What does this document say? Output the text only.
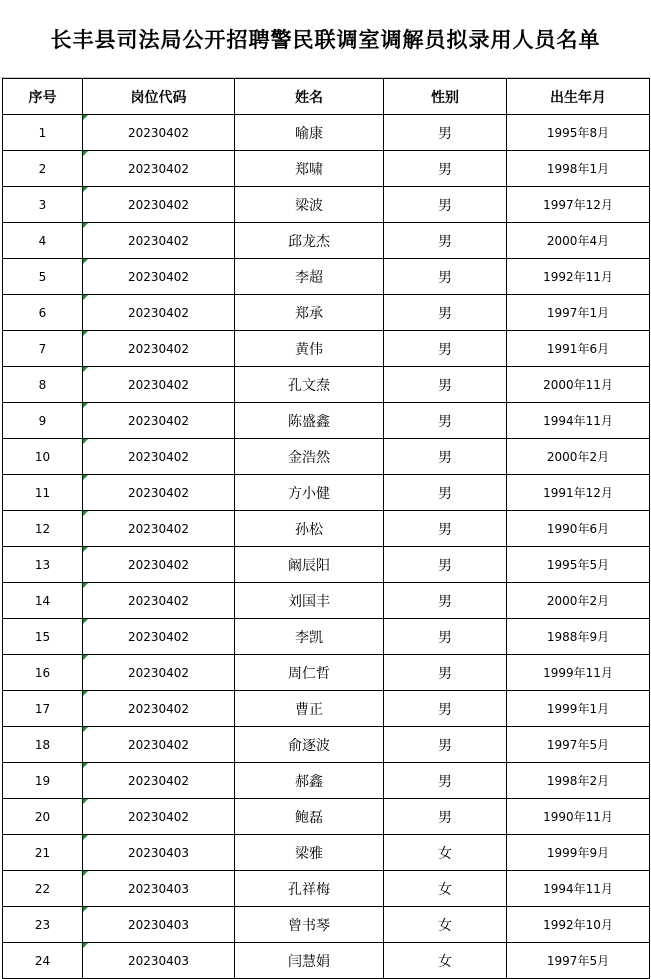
长丰县司法局公开招聘警民联调室调解员拟录用人员名单
序号	岗位代码	姓名	性别	出生年月
1	20230402	喻康	男	1995年8月
2	20230402	郑啸	男	1998年1月
3	20230402	梁波	男	1997年12月
4	20230402	邱龙杰	男	2000年4月
5	20230402	李超	男	1992年11月
6	20230402	郑承	男	1997年1月
7	20230402	黄伟	男	1991年6月
8	20230402	孔文焘	男	2000年11月
9	20230402	陈盛鑫	男	1994年11月
10	20230402	金浩然	男	2000年2月
11	20230402	方小健	男	1991年12月
12	20230402	孙松	男	1990年6月
13	20230402	阚辰阳	男	1995年5月
14	20230402	刘国丰	男	2000年2月
15	20230402	李凯	男	1988年9月
16	20230402	周仁哲	男	1999年11月
17	20230402	曹正	男	1999年1月
18	20230402	俞逐波	男	1997年5月
19	20230402	郝鑫	男	1998年2月
20	20230402	鲍磊	男	1990年11月
21	20230403	梁雅	女	1999年9月
22	20230403	孔祥梅	女	1994年11月
23	20230403	曾书琴	女	1992年10月
24	20230403	闫慧娟	女	1997年5月
